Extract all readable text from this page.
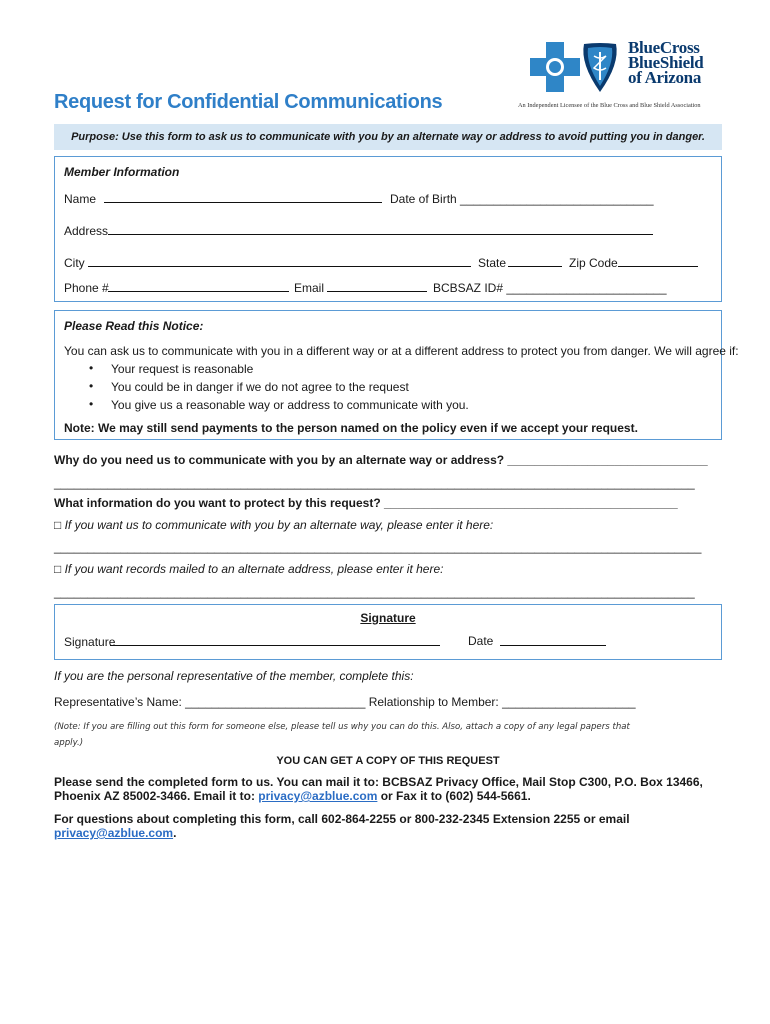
BlueCross
BlueShield
of Arizona
An Independent Licensee of the Blue Cross and Blue Shield Association
Request for Confidential Communications
Purpose: Use this form to ask us to communicate with you by an alternate way or address to avoid putting you in danger.
Member Information
Name	Date of Birth _____________________________
Address
City	State	Zip Code
Phone #	Email	BCBSAZ ID# ________________________
Please Read this Notice:
You can ask us to communicate with you in a different way or at a different address to protect you from danger. We will agree if:
• Your request is reasonable
• You could be in danger if we do not agree to the request
• You give us a reasonable way or address to communicate with you.
Note: We may still send payments to the person named on the policy even if we accept your request.
Why do you need us to communicate with you by an alternate way or address? ______________________________
________________________________________________________________________________________________
What information do you want to protect by this request? ____________________________________________
□ If you want us to communicate with you by an alternate way, please enter it here:
_________________________________________________________________________________________________
□ If you want records mailed to an alternate address, please enter it here:
________________________________________________________________________________________________
Signature
Signature	Date
If you are the personal representative of the member, complete this:
Representative’s Name: ___________________________ Relationship to Member: ____________________
(Note: If you are filling out this form for someone else, please tell us why you can do this. Also, attach a copy of any legal papers that
apply.)
YOU CAN GET A COPY OF THIS REQUEST
Please send the completed form to us. You can mail it to: BCBSAZ Privacy Office, Mail Stop C300, P.O. Box 13466,
Phoenix AZ 85002-3466. Email it to: privacy@azblue.com or Fax it to (602) 544-5661.
For questions about completing this form, call 602-864-2255 or 800-232-2345 Extension 2255 or email
privacy@azblue.com.
